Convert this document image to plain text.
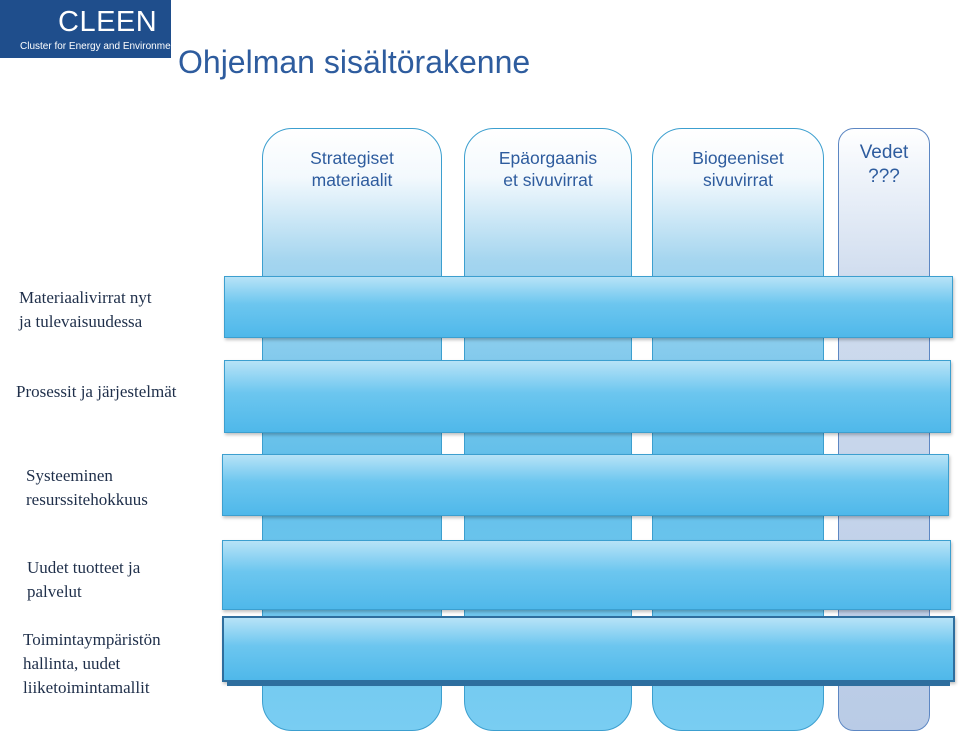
CLEEN
Cluster for Energy and Environment Ohjelman sisältörakenne
Strategiset
materiaalit
Epäorgaanis
et sivuvirrat
Biogeeniset
sivuvirrat
Vedet
???
Materiaalivirrat nyt
ja tulevaisuudessa
Prosessit ja järjestelmät
Systeeminen
resurssitehokkuus
Uudet tuotteet ja
palvelut
Toimintaympäristön
hallinta, uudet
liiketoimintamallit
